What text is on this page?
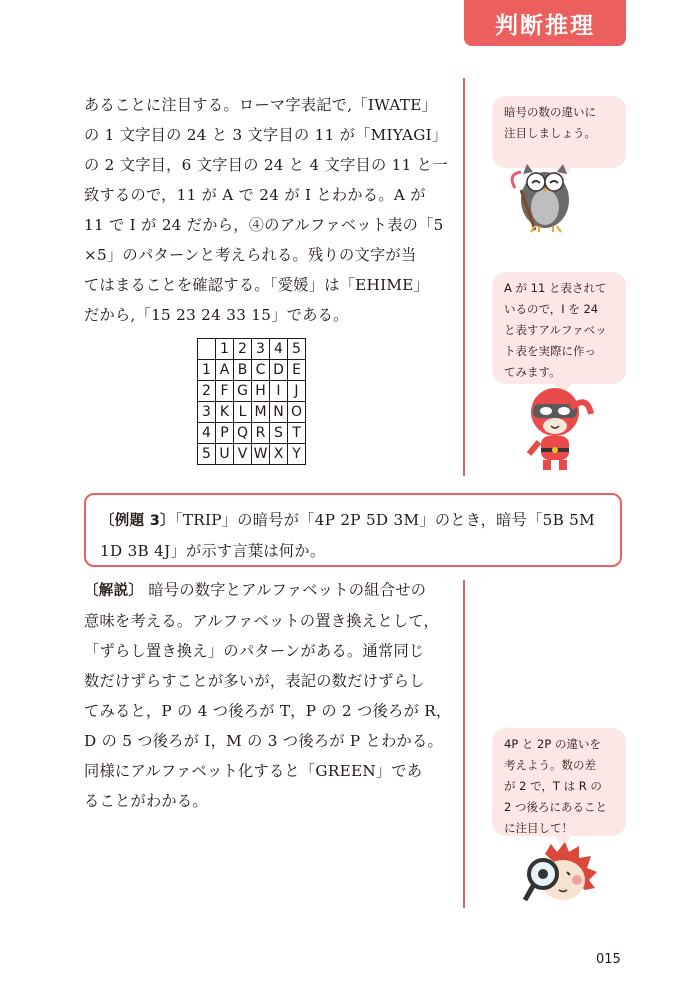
判断推理

あることに注目する。ローマ字表記で,「IWATE」

の 1 文字目の 24 と 3 文字目の 11 が「MIYAGI」

の 2 文字目，6 文字目の 24 と 4 文字目の 11 と一

致するので，11 が A で 24 が I とわかる。A が

11 で I が 24 だから，④のアルファベット表の「5

×5」のパターンと考えられる。残りの文字が当

てはまることを確認する。「愛媛」は「EHIME」

だから,「15 23 24 33 15」である。

	1	2	3	4	5
1	A	B	C	D	E
2	F	G	H	I	J
3	K	L	M	N	O
4	P	Q	R	S	T
5	U	V	W	X	Y

〔例題 3〕「TRIP」の暗号が「4P 2P 5D 3M」のとき，暗号「5B 5M

1D 3B 4J」が示す言葉は何か。

〔解説〕 暗号の数字とアルファベットの組合せの

意味を考える。アルファベットの置き換えとして，

「ずらし置き換え」のパターンがある。通常同じ

数だけずらすことが多いが，表記の数だけずらし

てみると，P の 4 つ後ろが T，P の 2 つ後ろが R，

D の 5 つ後ろが I，M の 3 つ後ろが P とわかる。

同様にアルファベット化すると「GREEN」であ

ることがわかる。

暗号の数の違いに

注目しましょう。

A が 11 と表されて

いるので，I を 24

と表すアルファベッ

ト表を実際に作っ

てみます。

4P と 2P の違いを

考えよう。数の差

が 2 で，T は R の

2 つ後ろにあること

に注目して！

015
